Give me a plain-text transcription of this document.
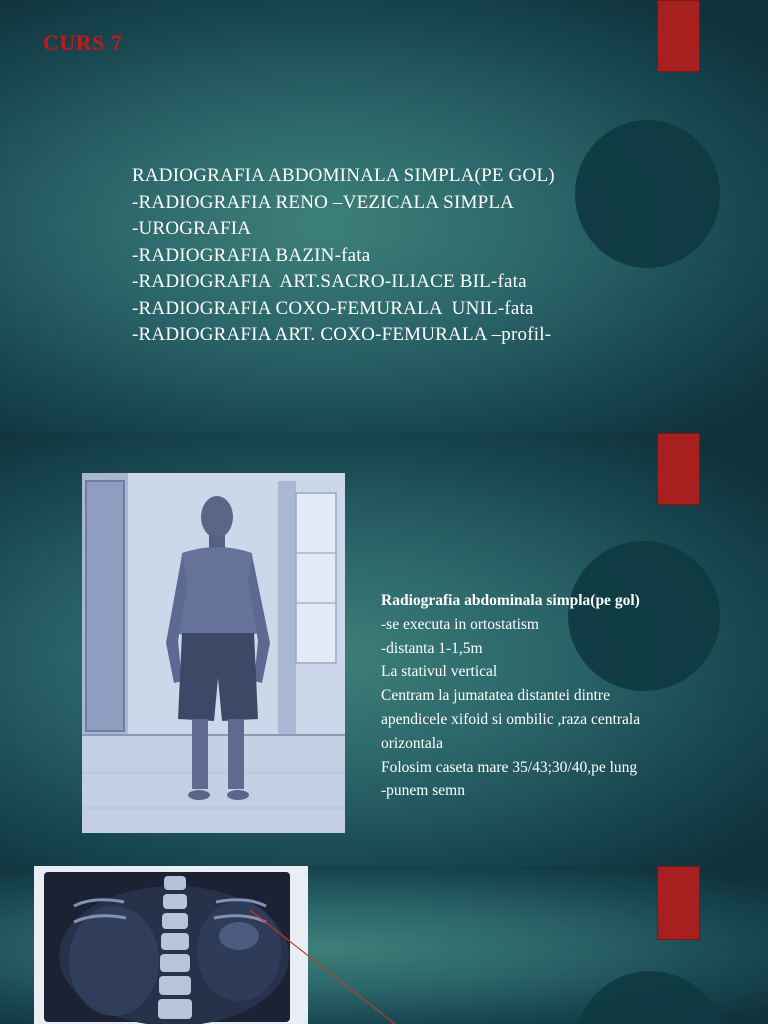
CURS 7
RADIOGRAFIA ABDOMINALA SIMPLA(PE GOL)
-RADIOGRAFIA RENO –VEZICALA SIMPLA
-UROGRAFIA
-RADIOGRAFIA BAZIN-fata
-RADIOGRAFIA  ART.SACRO-ILIACE BIL-fata
-RADIOGRAFIA COXO-FEMURALA  UNIL-fata
-RADIOGRAFIA ART. COXO-FEMURALA –profil-
Radiografia abdominala simpla(pe gol)
-se executa in ortostatism
-distanta 1-1,5m
La stativul vertical
Centram la jumatatea distantei dintre
apendicele xifoid si ombilic ,raza centrala
orizontala
Folosim caseta mare 35/43;30/40,pe lung
-punem semn
